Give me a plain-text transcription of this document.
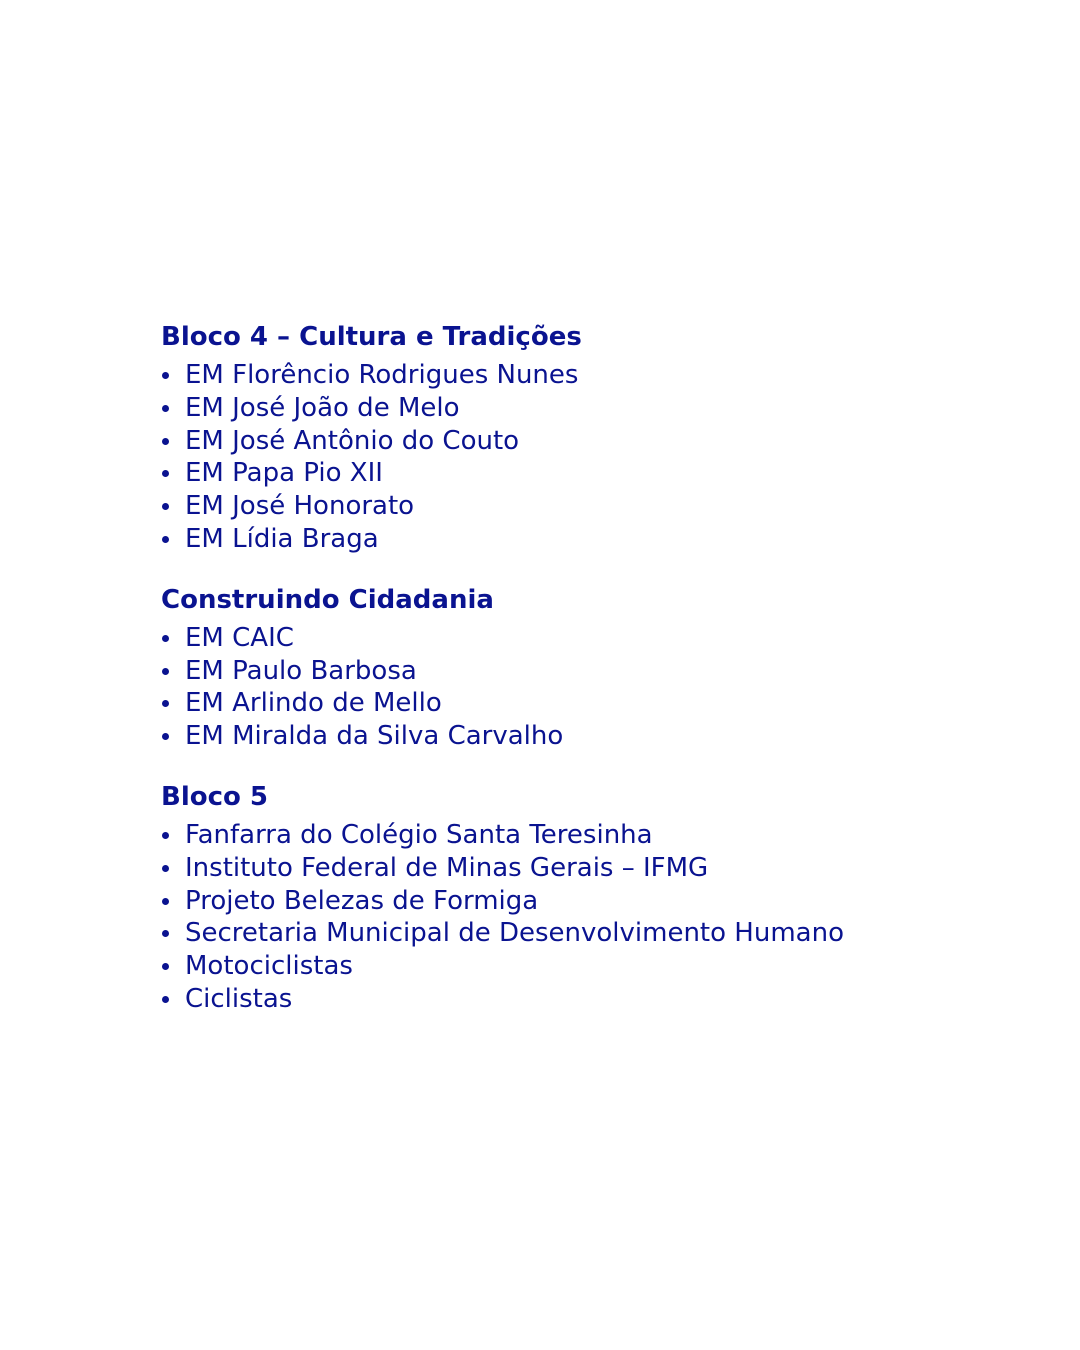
Bloco 4 – Cultura e Tradições
EM Florêncio Rodrigues Nunes
EM José João de Melo
EM José Antônio do Couto
EM Papa Pio XII
EM José Honorato
EM Lídia Braga
Construindo Cidadania
EM CAIC
EM Paulo Barbosa
EM Arlindo de Mello
EM Miralda da Silva Carvalho
Bloco 5
Fanfarra do Colégio Santa Teresinha
Instituto Federal de Minas Gerais – IFMG
Projeto Belezas de Formiga
Secretaria Municipal de Desenvolvimento Humano
Motociclistas
Ciclistas
